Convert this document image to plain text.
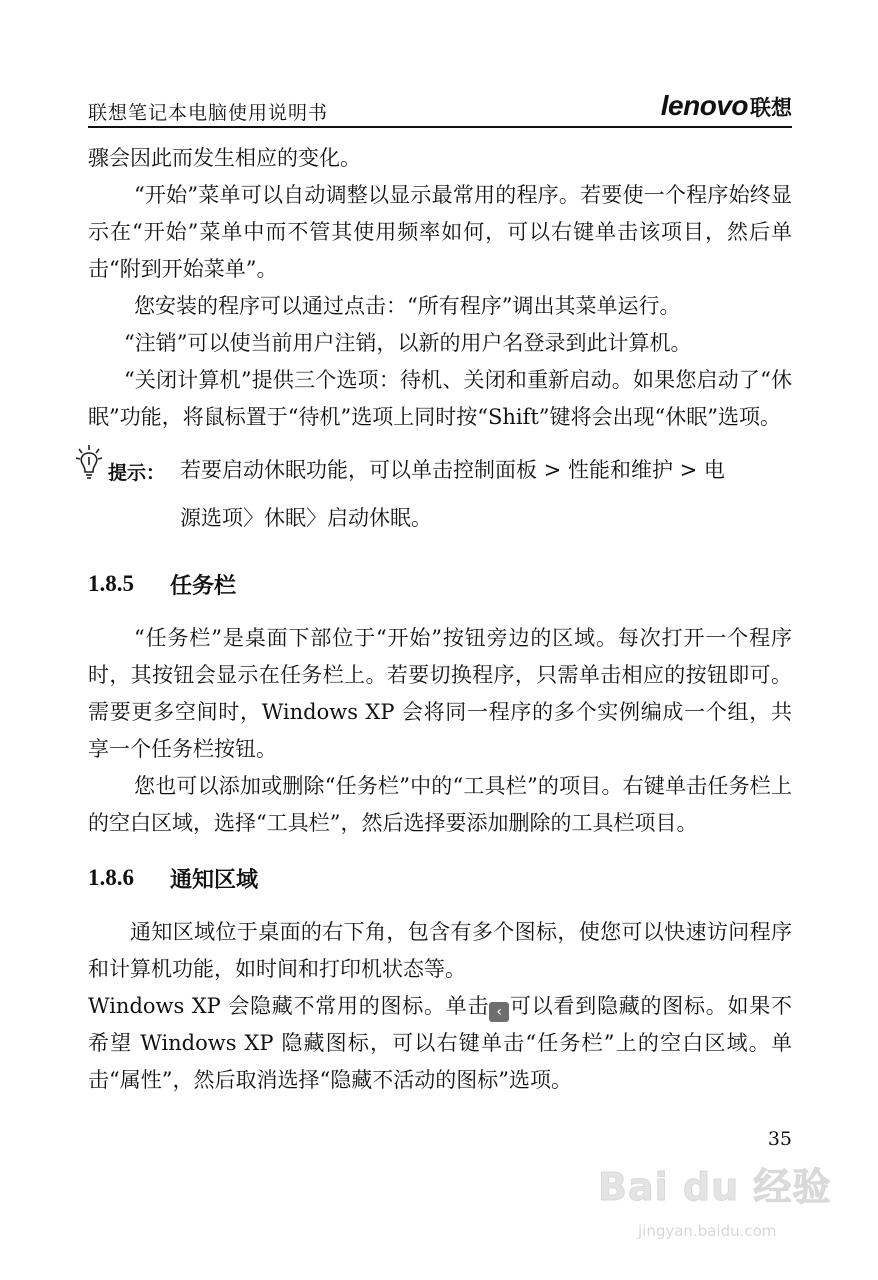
联想笔记本电脑使用说明书	lenovo 联想

骤会因此而发生相应的变化。

“开始”菜单可以自动调整以显示最常用的程序。若要使一个程序始终显示在“开始”菜单中而不管其使用频率如何，可以右键单击该项目，然后单击“附到开始菜单”。

您安装的程序可以通过点击：“所有程序”调出其菜单运行。

“注销”可以使当前用户注销，以新的用户名登录到此计算机。

“关闭计算机”提供三个选项：待机、关闭和重新启动。如果您启动了“休眠”功能，将鼠标置于“待机”选项上同时按“Shift”键将会出现“休眠”选项。

提示： 若要启动休眠功能，可以单击控制面板 > 性能和维护 > 电
源选项〉休眠〉启动休眠。
1.8.5	任务栏

“任务栏”是桌面下部位于“开始”按钮旁边的区域。每次打开一个程序时，其按钮会显示在任务栏上。若要切换程序，只需单击相应的按钮即可。需要更多空间时，Windows XP 会将同一程序的多个实例编成一个组，共享一个任务栏按钮。

您也可以添加或删除“任务栏”中的“工具栏”的项目。右键单击任务栏上的空白区域，选择“工具栏”，然后选择要添加删除的工具栏项目。

1.8.6	通知区域

通知区域位于桌面的右下角，包含有多个图标，使您可以快速访问程序和计算机功能，如时间和打印机状态等。

Windows XP 会隐藏不常用的图标。单击 ‹ 可以看到隐藏的图标。如果不希望 Windows XP 隐藏图标，可以右键单击“任务栏”上的空白区域。单击“属性”，然后取消选择“隐藏不活动的图标”选项。

35
Bai du 经验
jingyan.baidu.com
